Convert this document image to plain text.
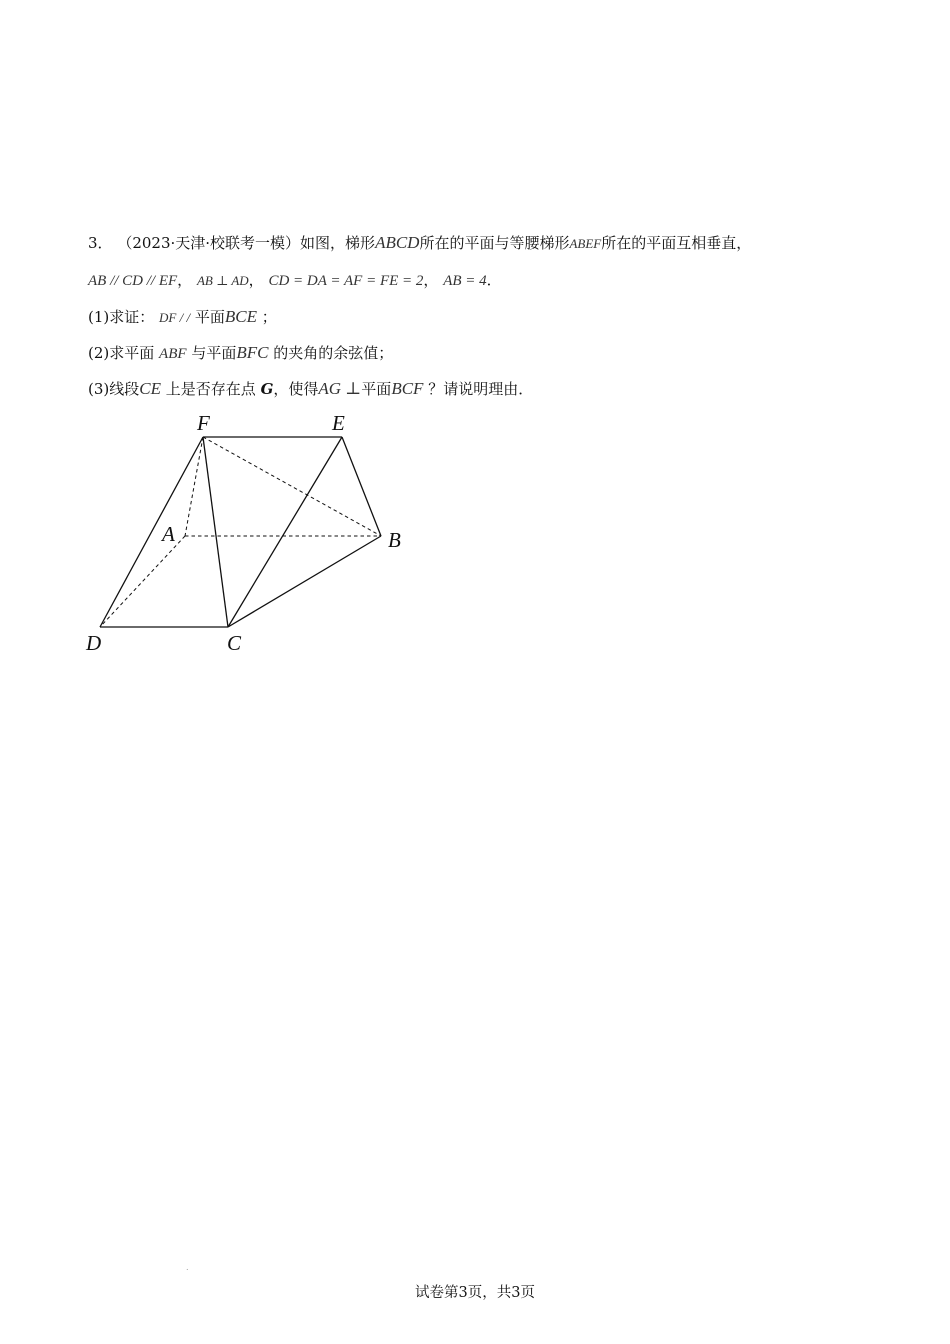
3． （2023·天津·校联考一模）如图，梯形ABCD所在的平面与等腰梯形ABEF所在的平面互相垂直，
AB // CD // EF， AB ⊥ AD， CD = DA = AF = FE = 2， AB = 4．
(1)求证： DF / / 平面BCE ；
(2)求平面 ABF 与平面BFC 的夹角的余弦值；
(3)线段CE 上是否存在点 G，使得AG ⊥平面BCF ？请说明理由．
F	E
A	B
D	C
.
试卷第3页，共3页
